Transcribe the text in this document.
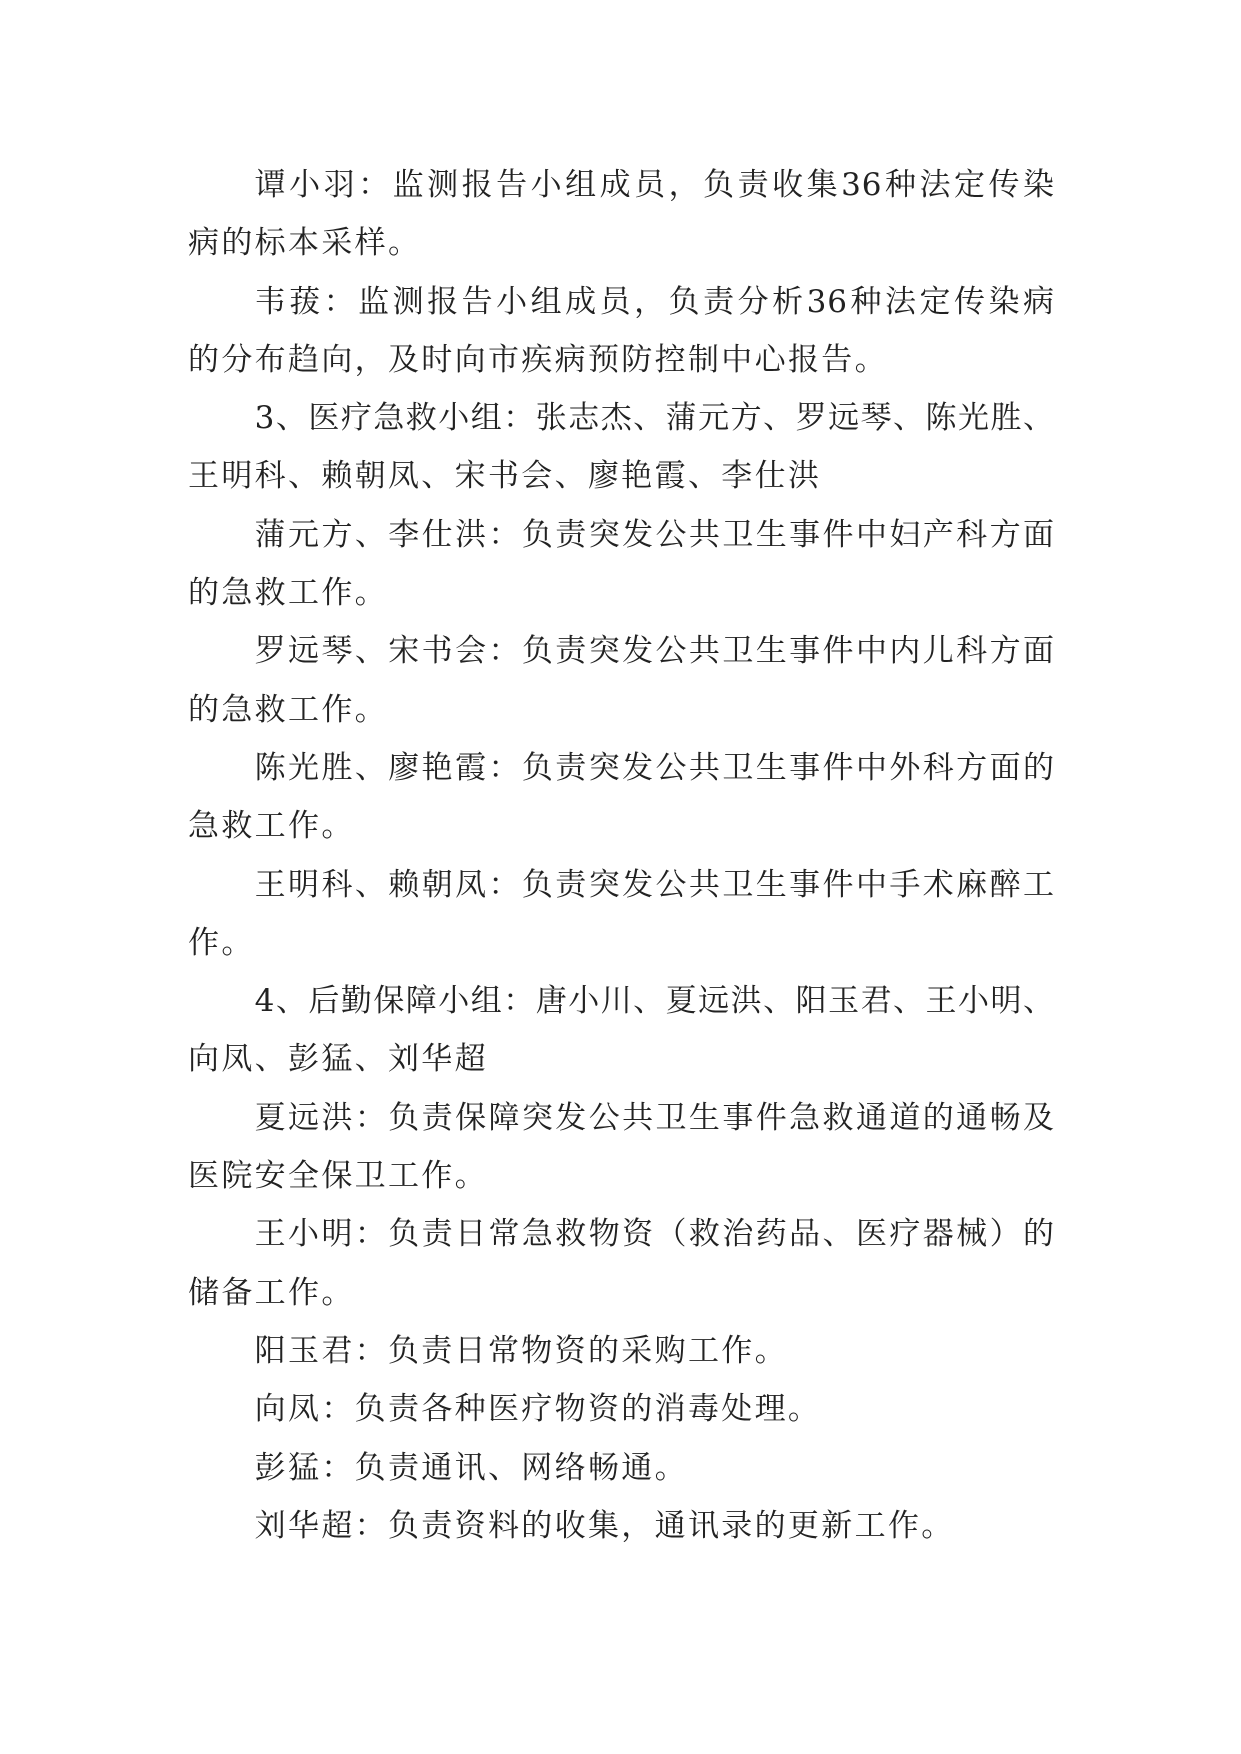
谭小羽：监测报告小组成员，负责收集36种法定传染
病的标本采样。
韦菝：监测报告小组成员，负责分析36种法定传染病
的分布趋向，及时向市疾病预防控制中心报告。
3、医疗急救小组：张志杰、蒲元方、罗远琴、陈光胜、
王明科、赖朝凤、宋书会、廖艳霞、李仕洪
蒲元方、李仕洪：负责突发公共卫生事件中妇产科方面
的急救工作。
罗远琴、宋书会：负责突发公共卫生事件中内儿科方面
的急救工作。
陈光胜、廖艳霞：负责突发公共卫生事件中外科方面的
急救工作。
王明科、赖朝凤：负责突发公共卫生事件中手术麻醉工
作。
4、后勤保障小组：唐小川、夏远洪、阳玉君、王小明、
向凤、彭猛、刘华超
夏远洪：负责保障突发公共卫生事件急救通道的通畅及
医院安全保卫工作。
王小明：负责日常急救物资（救治药品、医疗器械）的
储备工作。
阳玉君：负责日常物资的采购工作。
向凤：负责各种医疗物资的消毒处理。
彭猛：负责通讯、网络畅通。
刘华超：负责资料的收集，通讯录的更新工作。
